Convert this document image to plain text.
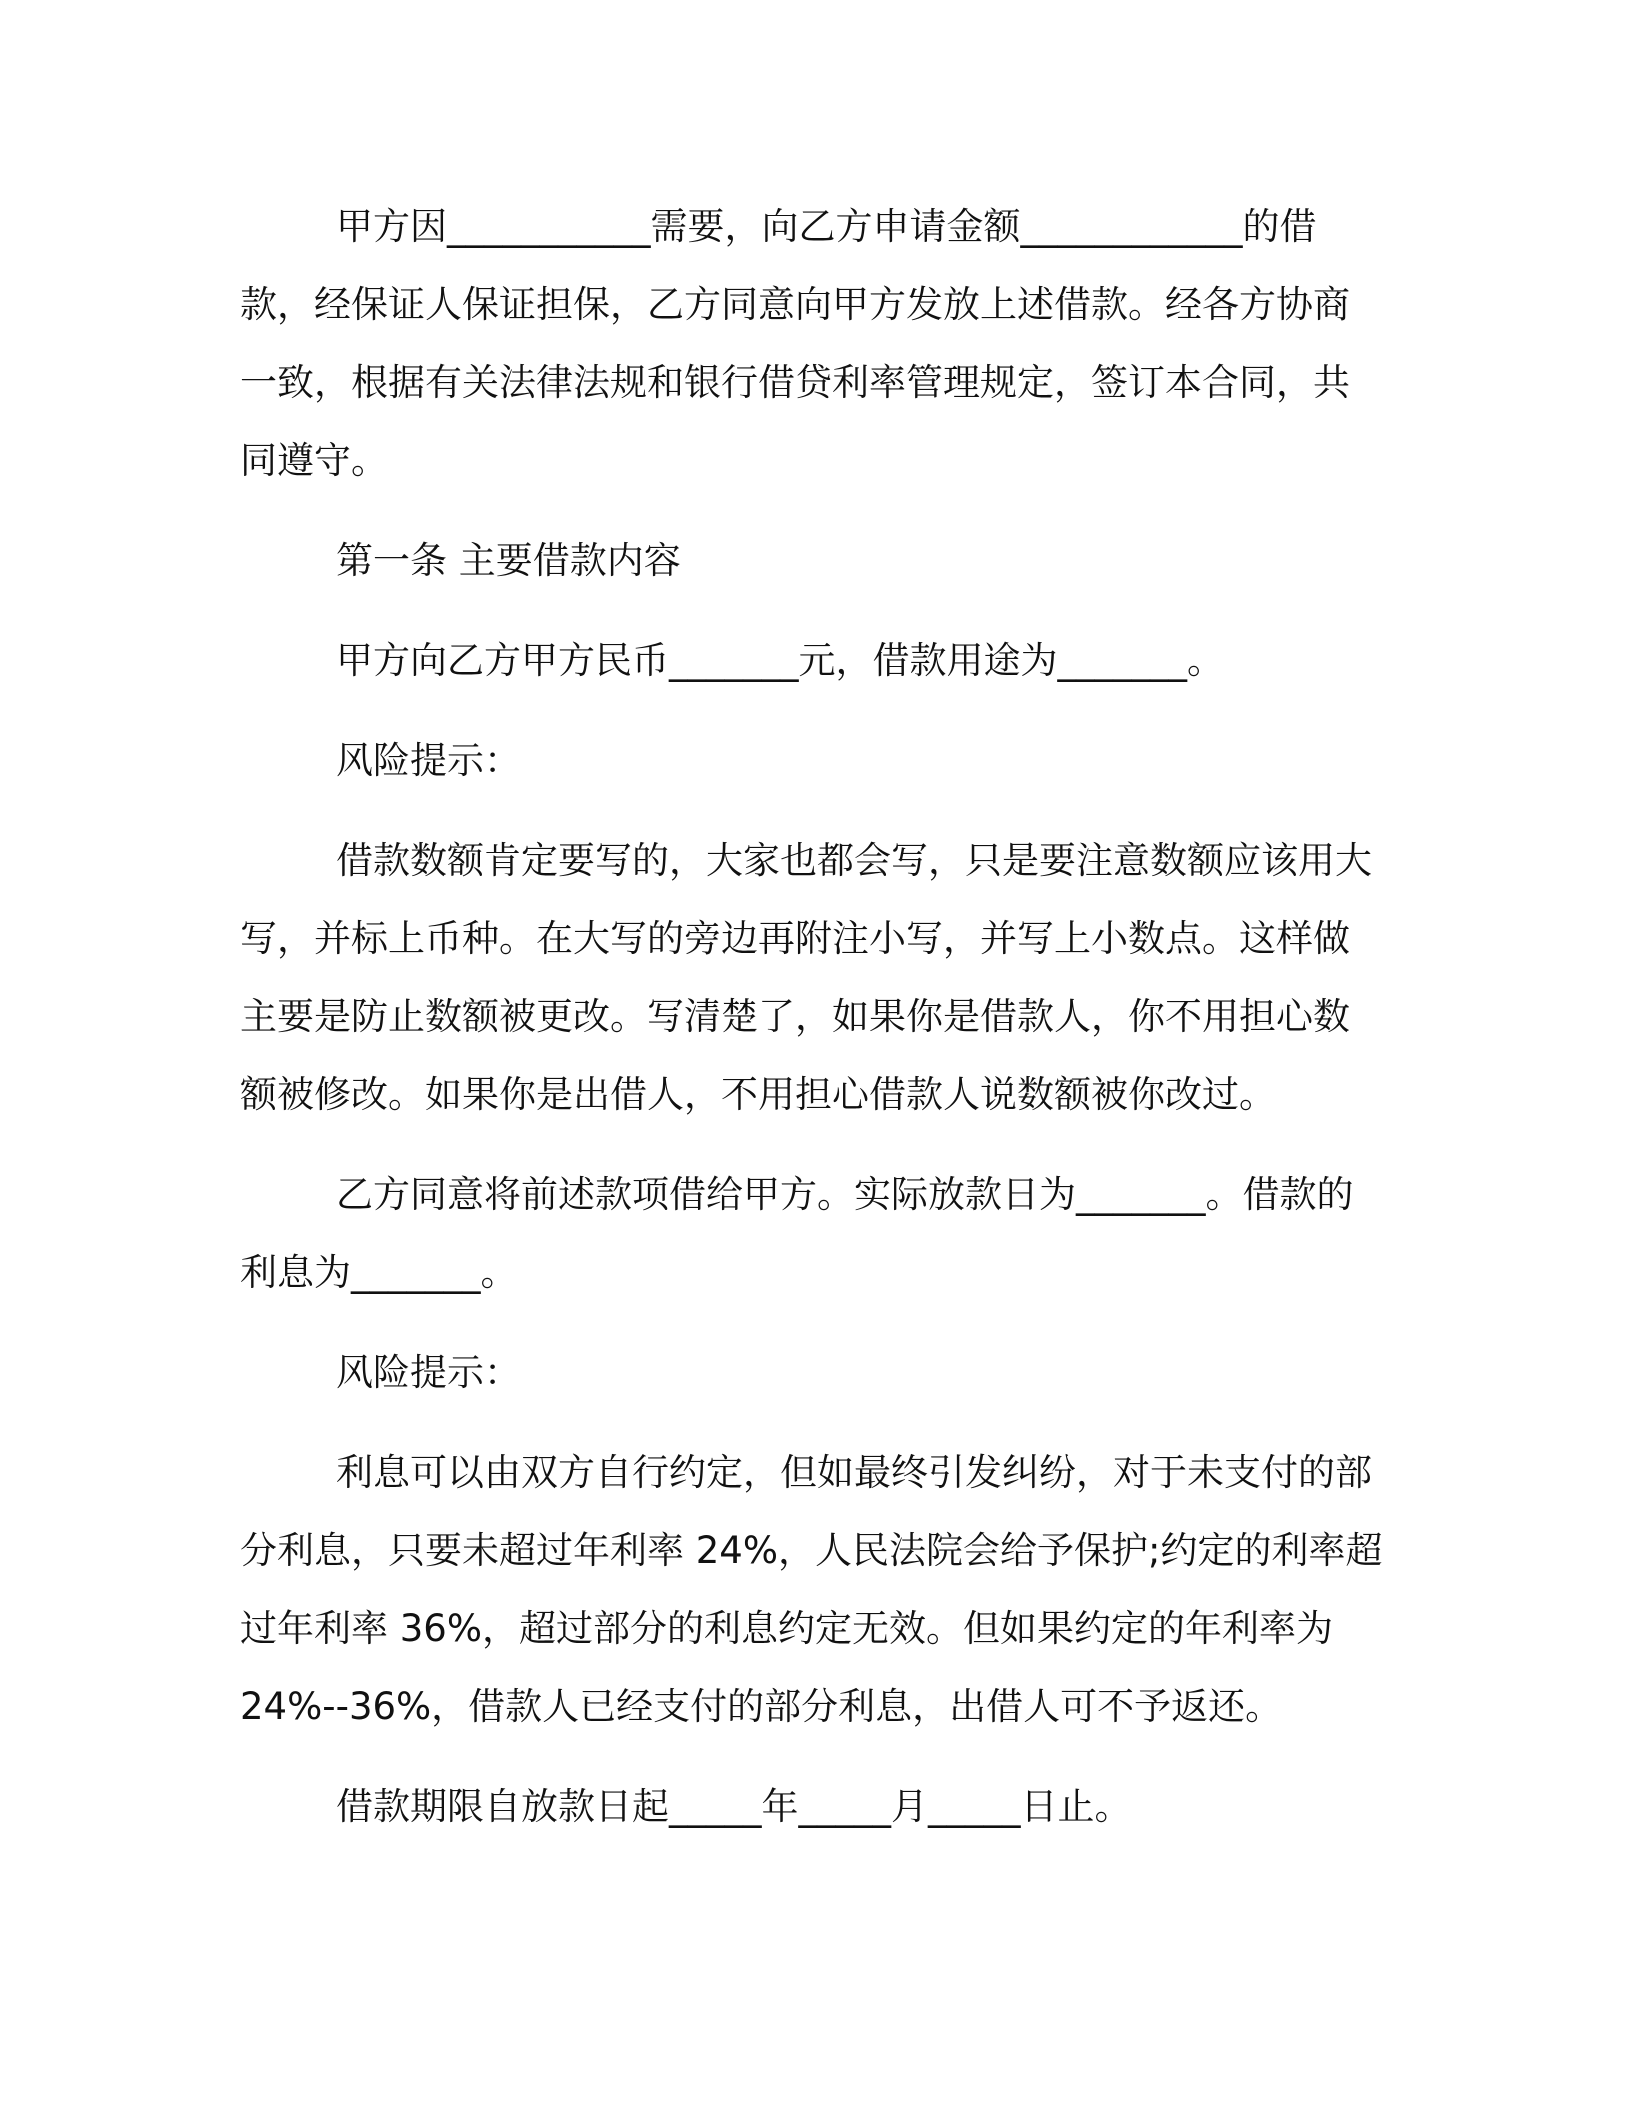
甲方因___________需要，向乙方申请金额____________的借
款，经保证人保证担保，乙方同意向甲方发放上述借款。经各方协商
一致，根据有关法律法规和银行借贷利率管理规定，签订本合同，共
同遵守。
第一条 主要借款内容
甲方向乙方甲方民币_______元，借款用途为_______。
风险提示：
借款数额肯定要写的，大家也都会写，只是要注意数额应该用大
写，并标上币种。在大写的旁边再附注小写，并写上小数点。这样做
主要是防止数额被更改。写清楚了，如果你是借款人，你不用担心数
额被修改。如果你是出借人，不用担心借款人说数额被你改过。
乙方同意将前述款项借给甲方。实际放款日为_______。借款的
利息为_______。
风险提示：
利息可以由双方自行约定，但如最终引发纠纷，对于未支付的部
分利息，只要未超过年利率 24%，人民法院会给予保护;约定的利率超
过年利率 36%，超过部分的利息约定无效。但如果约定的年利率为
24%--36%，借款人已经支付的部分利息，出借人可不予返还。
借款期限自放款日起_____年_____月_____日止。
